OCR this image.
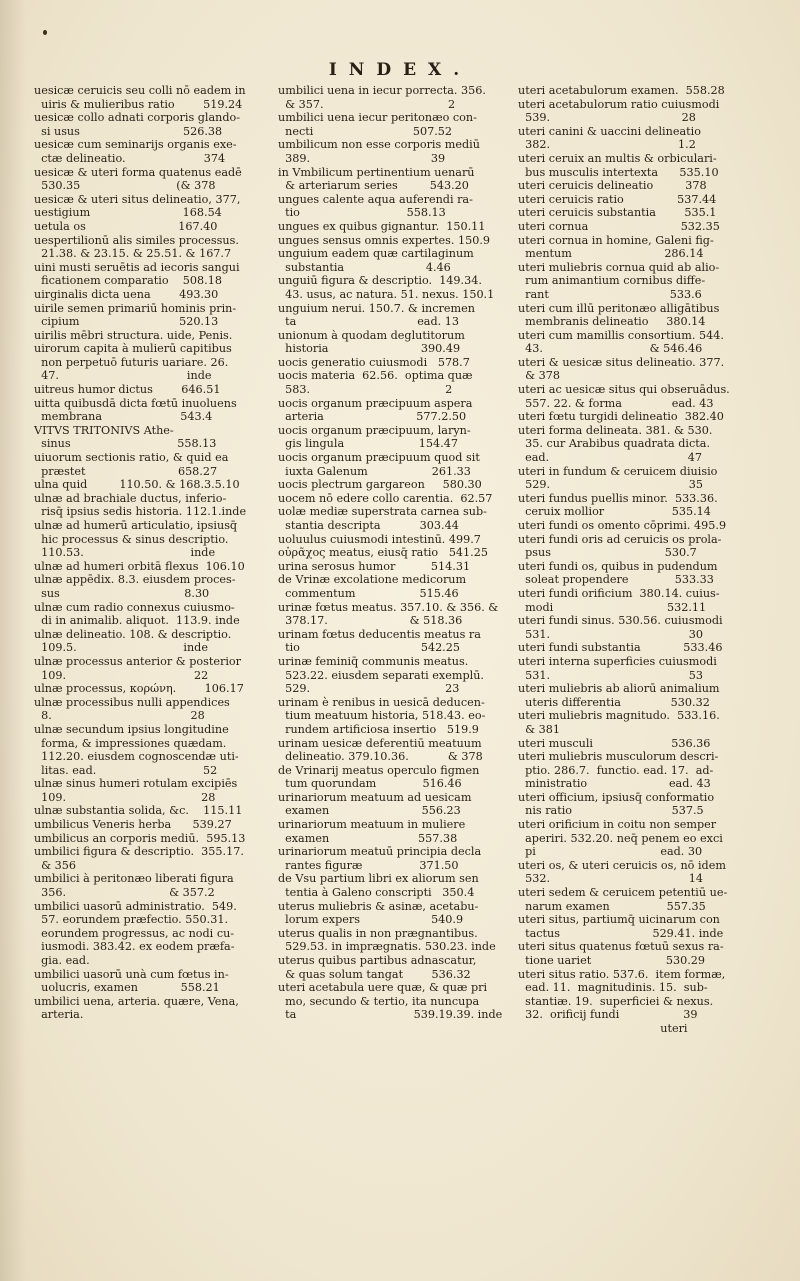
INDEX.
uesicæ ceruicis seu colli nō eadem in
uiris & mulieribus ratio        519.24
uesicæ collo adnati corporis glando-
si usus                             526.38
uesicæ cum seminarijs organis exe-
ctæ delineatio.                      374
uesicæ & uteri forma quatenus eadē
530.35                           (& 378
uesicæ & uteri situs delineatio, 377,
uestigium                          168.54
uetula os                          167.40
uespertilionū alis similes processus.
21.38. & 23.15. & 25.51. & 167.7
uini musti seruētis ad iecoris sangui
ficationem comparatio    508.18
uirginalis dicta uena        493.30
uirile semen primariū hominis prin-
cipium                            520.13
uirilis mēbri structura. uide, Penis.
uirorum capita à mulierū capitibus
non perpetuō futuris uariare. 26.
47.                                    inde
uitreus humor dictus        646.51
uitta quibusdā dicta fœtū inuoluens
membrana                      543.4
VITVS TRITONIVS Athe-
sinus                              558.13
uiuorum sectionis ratio, & quid ea
præstet                          658.27
ulna quid         110.50. & 168.3.5.10
ulnæ ad brachiale ductus, inferio-
risq̄ ipsius sedis historia. 112.1.inde
ulnæ ad humerū articulatio, ipsiusq̄
hic processus & sinus descriptio.
110.53.                              inde
ulnæ ad humeri orbitā flexus  106.10
ulnæ appēdix. 8.3. eiusdem proces-
sus                                   8.30
ulnæ cum radio connexus cuiusmo-
di in animalib. aliquot.  113.9. inde
ulnæ delineatio. 108. & descriptio.
109.5.                              inde
ulnæ processus anterior & posterior
109.                                    22
ulnæ processus, κορώνη.        106.17
ulnæ processibus nulli appendices
8.                                       28
ulnæ secundum ipsius longitudine
forma, & impressiones quædam.
112.20. eiusdem cognoscendæ uti-
litas. ead.                              52
ulnæ sinus humeri rotulam excipiēs
109.                                      28
ulnæ substantia solida, &c.    115.11
umbilicus Veneris herba      539.27
umbilicus an corporis mediū.  595.13
umbilici figura & descriptio.  355.17.
& 356
umbilici à peritonæo liberati figura
356.                             & 357.2
umbilici uasorū administratio.  549.
57. eorundem præfectio. 550.31.
eorundem progressus, ac nodi cu-
iusmodi. 383.42. ex eodem præfa-
gia. ead.
umbilici uasorū unà cum fœtus in-
uolucris, examen            558.21
umbilici uena, arteria. quære, Vena,
arteria.
umbilici uena in iecur porrecta. 356.
& 357.                                   2
umbilici uena iecur peritonæo con-
necti                            507.52
umbilicum non esse corporis mediū
389.                                  39
in Vmbilicum pertinentium uenarū
& arteriarum series         543.20
ungues calente aqua auferendi ra-
tio                              558.13
ungues ex quibus gignantur.  150.11
ungues sensus omnis expertes. 150.9
unguium eadem quæ cartilaginum
substantia                       4.46
unguiū figura & descriptio.  149.34.
43. usus, ac natura. 51. nexus. 150.1
unguium nerui. 150.7. & incremen
ta                                  ead. 13
unionum à quodam deglutitorum
historia                          390.49
uocis generatio cuiusmodi   578.7
uocis materia  62.56.  optima quæ
583.                                      2
uocis organum præcipuum aspera
arteria                          577.2.50
uocis organum præcipuum, laryn-
gis lingula                     154.47
uocis organum præcipuum quod sit
iuxta Galenum                  261.33
uocis plectrum gargareon     580.30
uocem nō edere collo carentia.  62.57
uolæ mediæ superstrata carnea sub-
stantia descripta           303.44
uoluulus cuiusmodi intestinū. 499.7
οὐρᾶχος meatus, eiusq̄ ratio   541.25
urina serosus humor          514.31
de Vrinæ excolatione medicorum
commentum                  515.46
urinæ fœtus meatus. 357.10. & 356. &
378.17.                       & 518.36
urinam fœtus deducentis meatus ra
tio                                  542.25
urinæ feminiq̄ communis meatus.
523.22. eiusdem separati exemplū.
529.                                      23
urinam è renibus in uesicā deducen-
tium meatuum historia, 518.43. eo-
rundem artificiosa insertio   519.9
urinam uesicæ deferentiū meatuum
delineatio. 379.10.36.           & 378
de Vrinarij meatus operculo figmen
tum quorundam             516.46
urinariorum meatuum ad uesicam
examen                          556.23
urinariorum meatuum in muliere
examen                         557.38
urinariorum meatuū principia decla
rantes figuræ                371.50
de Vsu partium libri ex aliorum sen
tentia à Galeno conscripti   350.4
uterus muliebris & asinæ, acetabu-
lorum expers                    540.9
uterus qualis in non prægnantibus.
529.53. in imprægnatis. 530.23. inde
uterus quibus partibus adnascatur,
& quas solum tangat        536.32
uteri acetabula uere quæ, & quæ pri
mo, secundo & tertio, ita nuncupa
ta                                 539.19.39. inde
uteri acetabulorum examen.  558.28
uteri acetabulorum ratio cuiusmodi
539.                                     28
uteri canini & uaccini delineatio
382.                                    1.2
uteri ceruix an multis & orbiculari-
bus musculis intertexta      535.10
uteri ceruicis delineatio         378
uteri ceruicis ratio               537.44
uteri ceruicis substantia        535.1
uteri cornua                          532.35
uteri cornua in homine, Galeni fig-
mentum                          286.14
uteri muliebris cornua quid ab alio-
rum animantium cornibus diffe-
rant                                  533.6
uteri cum illū peritonæo alligātibus
membranis delineatio     380.14
uteri cum mamillis consortium. 544.
43.                              & 546.46
uteri & uesicæ situs delineatio. 377.
& 378
uteri ac uesicæ situs qui obseruādus.
557. 22. & forma              ead. 43
uteri fœtu turgidi delineatio  382.40
uteri forma delineata. 381. & 530.
35. cur Arabibus quadrata dicta.
ead.                                       47
uteri in fundum & ceruicem diuisio
529.                                       35
uteri fundus puellis minor.  533.36.
ceruix mollior                   535.14
uteri fundi os omento cōprimi. 495.9
uteri fundi oris ad ceruicis os prola-
psus                                530.7
uteri fundi os, quibus in pudendum
soleat propendere             533.33
uteri fundi orificium  380.14. cuius-
modi                                532.11
uteri fundi sinus. 530.56. cuiusmodi
531.                                       30
uteri fundi substantia            533.46
uteri interna superficies cuiusmodi
531.                                       53
uteri muliebris ab aliorū animalium
uteris differentia              530.32
uteri muliebris magnitudo.  533.16.
& 381
uteri musculi                      536.36
uteri muliebris musculorum descri-
ptio. 286.7.  functio. ead. 17.  ad-
ministratio                       ead. 43
uteri officium, ipsiusq̄ conformatio
nis ratio                            537.5
uteri orificium in coitu non semper
aperiri. 532.20. neq̄ penem eo exci
pi                                   ead. 30
uteri os, & uteri ceruicis os, nō idem
532.                                       14
uteri sedem & ceruicem petentiū ue-
narum examen                557.35
uteri situs, partiumq̄ uicinarum con
tactus                          529.41. inde
uteri situs quatenus fœtuū sexus ra-
tione uariet                     530.29
uteri situs ratio. 537.6.  item formæ,
ead. 11.  magnitudinis. 15.  sub-
stantiæ. 19.  superficiei & nexus.
32.  orificij fundi                  39
uteri
